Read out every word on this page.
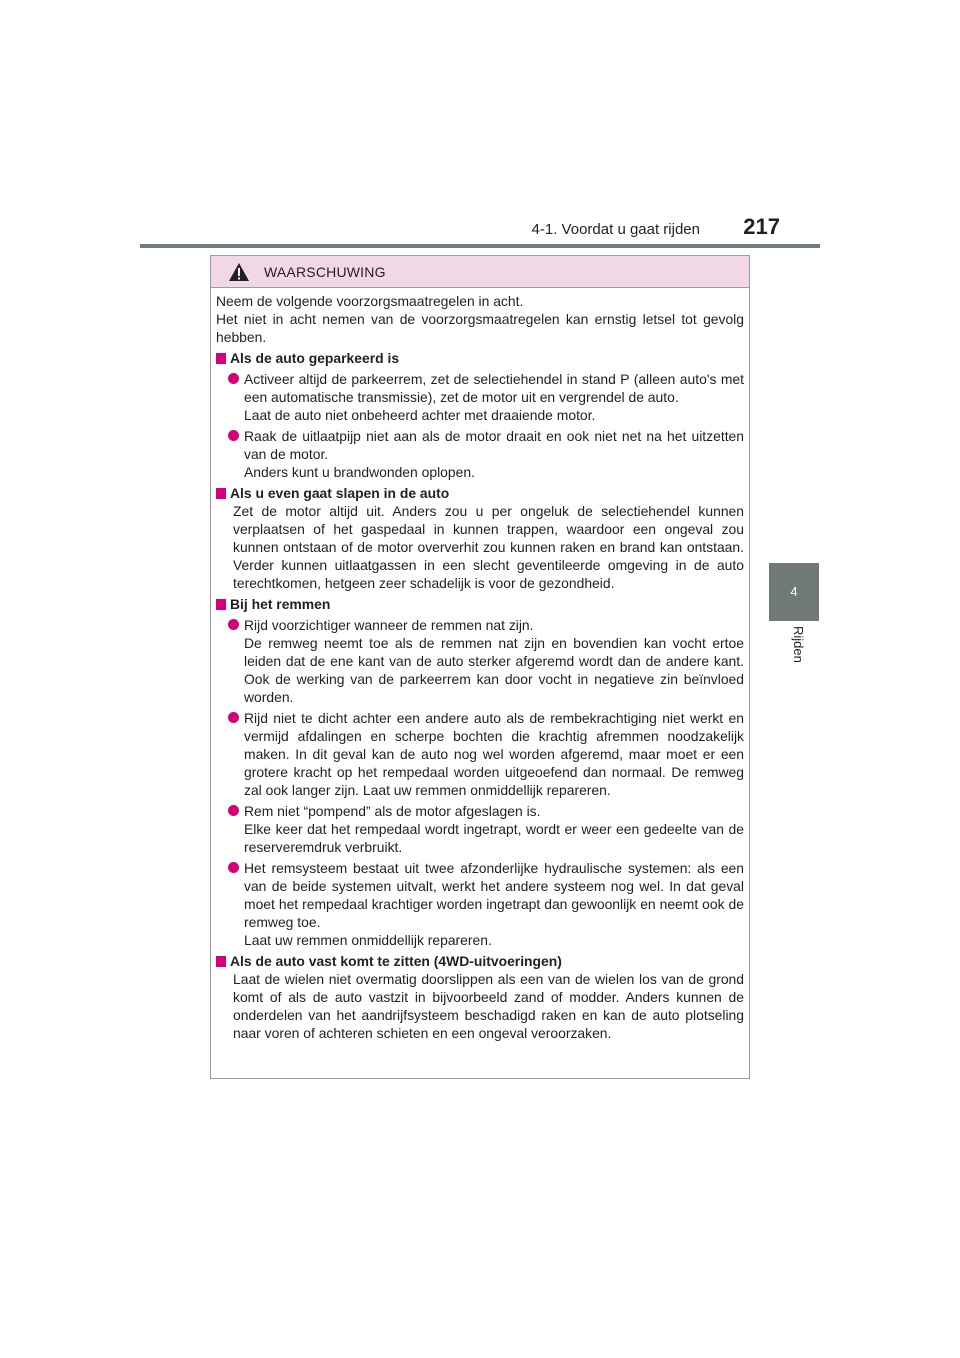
4-1. Voordat u gaat rijden	217
4
Rijden
WAARSCHUWING

Neem de volgende voorzorgsmaatregelen in acht.

Het niet in acht nemen van de voorzorgsmaatregelen kan ernstig letsel tot gevolg hebben.

Als de auto geparkeerd is

Activeer altijd de parkeerrem, zet de selectiehendel in stand P (alleen auto's met een automatische transmissie), zet de motor uit en vergrendel de auto.
Laat de auto niet onbeheerd achter met draaiende motor.

Raak de uitlaatpijp niet aan als de motor draait en ook niet net na het uitzetten van de motor.
Anders kunt u brandwonden oplopen.

Als u even gaat slapen in de auto

Zet de motor altijd uit. Anders zou u per ongeluk de selectiehendel kunnen verplaatsen of het gaspedaal in kunnen trappen, waardoor een ongeval zou kunnen ontstaan of de motor oververhit zou kunnen raken en brand kan ontstaan. Verder kunnen uitlaatgassen in een slecht geventileerde omgeving in de auto terechtkomen, hetgeen zeer schadelijk is voor de gezondheid.

Bij het remmen

Rijd voorzichtiger wanneer de remmen nat zijn.
De remweg neemt toe als de remmen nat zijn en bovendien kan vocht ertoe leiden dat de ene kant van de auto sterker afgeremd wordt dan de andere kant. Ook de werking van de parkeerrem kan door vocht in negatieve zin beïnvloed worden.

Rijd niet te dicht achter een andere auto als de rembekrachtiging niet werkt en vermijd afdalingen en scherpe bochten die krachtig afremmen noodzakelijk maken. In dit geval kan de auto nog wel worden afgeremd, maar moet er een grotere kracht op het rempedaal worden uitgeoefend dan normaal. De remweg zal ook langer zijn. Laat uw remmen onmiddellijk repareren.

Rem niet “pompend” als de motor afgeslagen is.
Elke keer dat het rempedaal wordt ingetrapt, wordt er weer een gedeelte van de reserveremdruk verbruikt.

Het remsysteem bestaat uit twee afzonderlijke hydraulische systemen: als een van de beide systemen uitvalt, werkt het andere systeem nog wel. In dat geval moet het rempedaal krachtiger worden ingetrapt dan gewoonlijk en neemt ook de remweg toe.
Laat uw remmen onmiddellijk repareren.

Als de auto vast komt te zitten (4WD-uitvoeringen)

Laat de wielen niet overmatig doorslippen als een van de wielen los van de grond komt of als de auto vastzit in bijvoorbeeld zand of modder. Anders kunnen de onderdelen van het aandrijfsysteem beschadigd raken en kan de auto plotseling naar voren of achteren schieten en een ongeval veroorzaken.
